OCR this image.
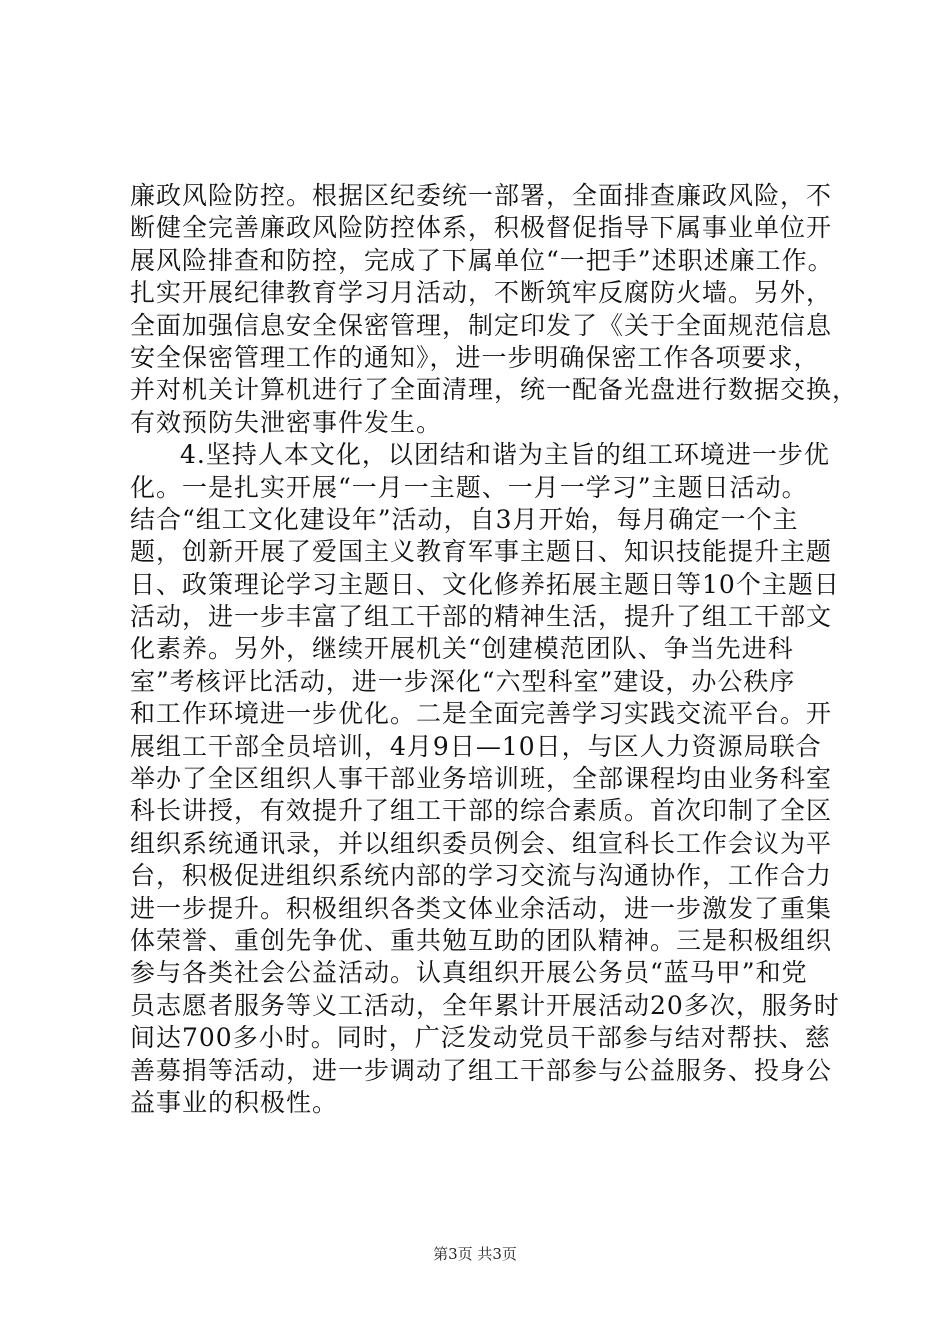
廉政风险防控。根据区纪委统一部署，全面排查廉政风险，不
断健全完善廉政风险防控体系，积极督促指导下属事业单位开
展风险排查和防控，完成了下属单位“一把手”述职述廉工作。
扎实开展纪律教育学习月活动，不断筑牢反腐防火墙。另外，
全面加强信息安全保密管理，制定印发了《关于全面规范信息
安全保密管理工作的通知》，进一步明确保密工作各项要求，
并对机关计算机进行了全面清理，统一配备光盘进行数据交换，
有效预防失泄密事件发生。
4.坚持人本文化，以团结和谐为主旨的组工环境进一步优
化。一是扎实开展“一月一主题、一月一学习”主题日活动。
结合“组工文化建设年”活动，自3月开始，每月确定一个主
题，创新开展了爱国主义教育军事主题日、知识技能提升主题
日、政策理论学习主题日、文化修养拓展主题日等10个主题日
活动，进一步丰富了组工干部的精神生活，提升了组工干部文
化素养。另外，继续开展机关“创建模范团队、争当先进科
室”考核评比活动，进一步深化“六型科室”建设，办公秩序
和工作环境进一步优化。二是全面完善学习实践交流平台。开
展组工干部全员培训，4月9日—10日，与区人力资源局联合
举办了全区组织人事干部业务培训班，全部课程均由业务科室
科长讲授，有效提升了组工干部的综合素质。首次印制了全区
组织系统通讯录，并以组织委员例会、组宣科长工作会议为平
台，积极促进组织系统内部的学习交流与沟通协作，工作合力
进一步提升。积极组织各类文体业余活动，进一步激发了重集
体荣誉、重创先争优、重共勉互助的团队精神。三是积极组织
参与各类社会公益活动。认真组织开展公务员“蓝马甲”和党
员志愿者服务等义工活动，全年累计开展活动20多次，服务时
间达700多小时。同时，广泛发动党员干部参与结对帮扶、慈
善募捐等活动，进一步调动了组工干部参与公益服务、投身公
益事业的积极性。
第3页 共3页
